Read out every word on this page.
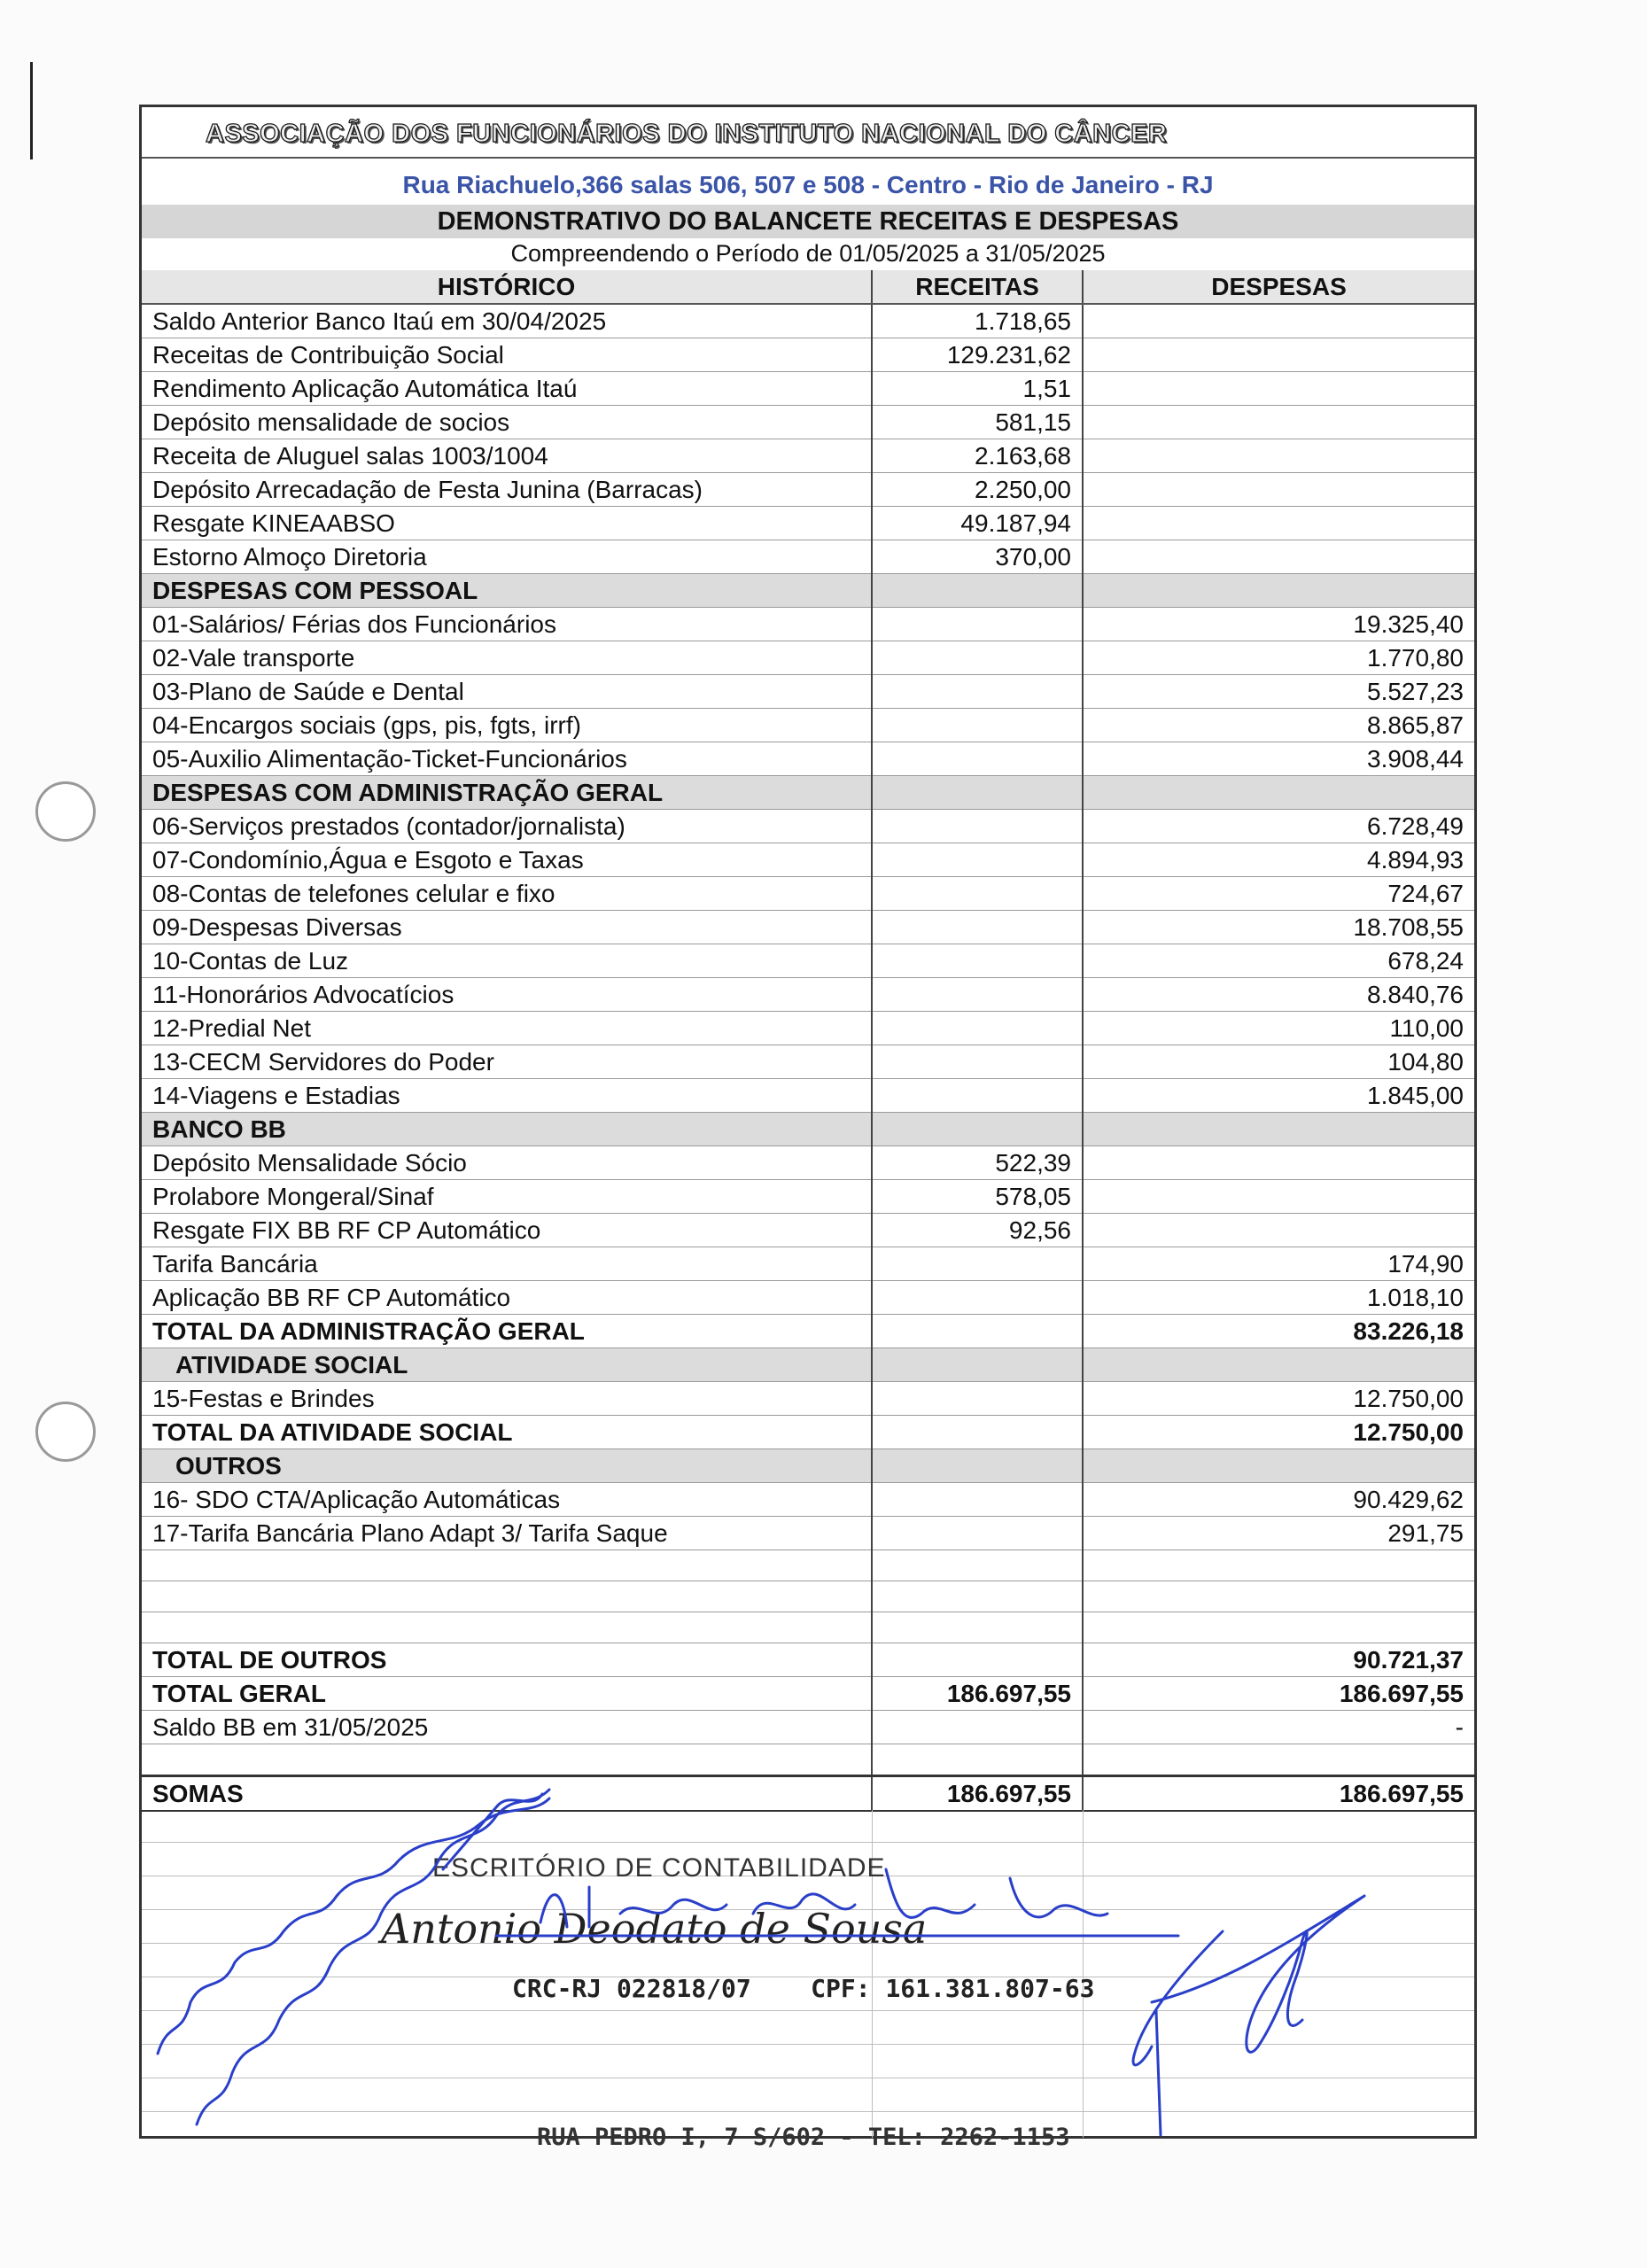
ASSOCIAÇÃO DOS FUNCIONÁRIOS DO INSTITUTO NACIONAL DO CÂNCER
Rua Riachuelo,366 salas 506, 507 e 508 - Centro - Rio de Janeiro - RJ
DEMONSTRATIVO DO BALANCETE RECEITAS E DESPESAS
Compreendendo o Período de 01/05/2025 a 31/05/2025
HISTÓRICO	RECEITAS	DESPESAS
Saldo Anterior Banco Itaú em 30/04/2025	1.718,65	
Receitas de Contribuição Social	129.231,62	
Rendimento Aplicação Automática Itaú	1,51	
Depósito mensalidade de socios	581,15	
Receita de Aluguel salas 1003/1004	2.163,68	
Depósito Arrecadação de Festa Junina (Barracas)	2.250,00	
Resgate KINEAABSO	49.187,94	
Estorno Almoço Diretoria	370,00	
DESPESAS COM PESSOAL		
01-Salários/ Férias dos Funcionários		19.325,40
02-Vale transporte		1.770,80
03-Plano de Saúde e Dental		5.527,23
04-Encargos sociais (gps, pis, fgts, irrf)		8.865,87
05-Auxilio Alimentação-Ticket-Funcionários		3.908,44
DESPESAS COM ADMINISTRAÇÃO GERAL		
06-Serviços prestados (contador/jornalista)		6.728,49
07-Condomínio,Água e Esgoto e Taxas		4.894,93
08-Contas de telefones celular e fixo		724,67
09-Despesas Diversas		18.708,55
10-Contas de Luz		678,24
11-Honorários Advocatícios		8.840,76
12-Predial Net		110,00
13-CECM Servidores do Poder		104,80
14-Viagens e Estadias		1.845,00
BANCO BB		
Depósito Mensalidade Sócio	522,39	
Prolabore Mongeral/Sinaf	578,05	
Resgate FIX BB RF CP Automático	92,56	
Tarifa Bancária		174,90
Aplicação BB RF CP Automático		1.018,10
TOTAL DA ADMINISTRAÇÃO GERAL		83.226,18
ATIVIDADE SOCIAL		
15-Festas e Brindes		12.750,00
TOTAL DA ATIVIDADE SOCIAL		12.750,00
OUTROS		
16- SDO CTA/Aplicação Automáticas		90.429,62
17-Tarifa Bancária Plano Adapt 3/ Tarifa Saque		291,75

TOTAL DE OUTROS		90.721,37
TOTAL GERAL	186.697,55	186.697,55
Saldo BB em 31/05/2025		-

SOMAS	186.697,55	186.697,55
ESCRITÓRIO DE CONTABILIDADE
Antonio Deodato de Sousa
CRC-RJ 022818/07 CPF: 161.381.807-63
RUA PEDRO I, 7 S/602 - TEL: 2262-1153
